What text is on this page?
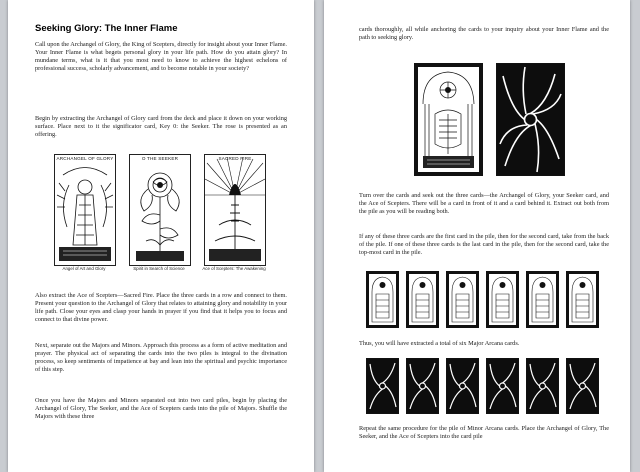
Seeking Glory: The Inner Flame
Call upon the Archangel of Glory, the King of Scepters, directly for insight about your Inner Flame. Your Inner Flame is what begets personal glory in your life path. How do you attain glory? In mundane terms, what is it that you most need to know to achieve the highest echelons of professional success, scholarly advancement, and to become notable in your society?
Begin by extracting the Archangel of Glory card from the deck and place it down on your working surface. Place next to it the significator card, Key 0: the Seeker. The rose is presented as an offering.
ARCHANGEL OF GLORY
Angel of Art and Glory
O THE SEEKER
Spirit in Search of Science
SACRED FIRE
Ace of Scepters: The Awakening
Also extract the Ace of Scepters—Sacred Fire. Place the three cards in a row and connect to them. Present your question to the Archangel of Glory that relates to attaining glory and notability in your life path. Close your eyes and clasp your hands in prayer if you find that it helps you to focus and connect to that divine power.
Next, separate out the Majors and Minors. Approach this process as a form of active meditation and prayer. The physical act of separating the cards into the two piles is integral to the divination process, so keep sentiments of impatience at bay and lean into the spiritual and psychic importance of this step.
Once you have the Majors and Minors separated out into two card piles, begin by placing the Archangel of Glory, The Seeker, and the Ace of Scepters cards into the pile of Majors. Shuffle the Majors with these three
cards thoroughly, all while anchoring the cards to your inquiry about your Inner Flame and the path to seeking glory.
Turn over the cards and seek out the three cards—the Archangel of Glory, your Seeker card, and the Ace of Scepters. There will be a card in front of it and a card behind it. Extract out both from the pile as you will be reading both.
If any of these three cards are the first card in the pile, then for the second card, take from the back of the pile. If one of these three cards is the last card in the pile, then for the second card, take the top-most card in the pile.
Thus, you will have extracted a total of six Major Arcana cards.
Repeat the same procedure for the pile of Minor Arcana cards. Place the Archangel of Glory, The Seeker, and the Ace of Scepters into the card pile
